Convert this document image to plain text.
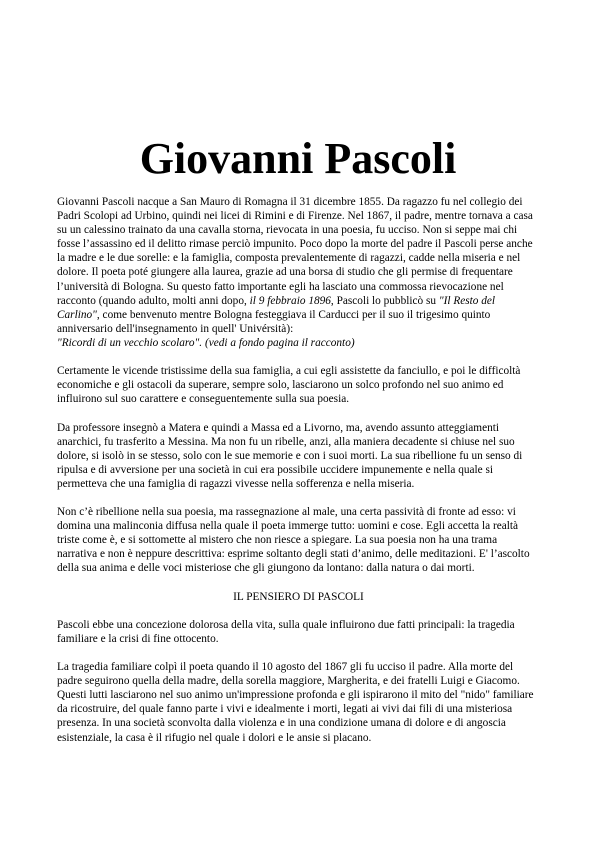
Giovanni Pascoli

Giovanni Pascoli nacque a San Mauro di Romagna il 31 dicembre 1855. Da ragazzo fu nel collegio dei Padri Scolopi ad Urbino, quindi nei licei di Rimini e di Firenze. Nel 1867, il padre, mentre tornava a casa su un calessino trainato da una cavalla storna, rievocata in una poesia, fu ucciso. Non si seppe mai chi fosse l’assassino ed il delitto rimase perciò impunito. Poco dopo la morte del padre il Pascoli perse anche la madre e le due sorelle: e la famiglia, composta prevalentemente di ragazzi, cadde nella miseria e nel dolore. Il poeta poté giungere alla laurea, grazie ad una borsa di studio che gli permise di frequentare l’università di Bologna. Su questo fatto importante egli ha lasciato una commossa rievocazione nel racconto (quando adulto, molti anni dopo, il 9 febbraio 1896, Pascoli lo pubblicò su "Il Resto del Carlino", come benvenuto mentre Bologna festeggiava il Carducci per il suo il trigesimo quinto anniversario dell'insegnamento in quell' Univérsità):
"Ricordi di un vecchio scolaro". (vedi a fondo pagina il racconto)

Certamente le vicende tristissime della sua famiglia, a cui egli assistette da fanciullo, e poi le difficoltà economiche e gli ostacoli da superare, sempre solo, lasciarono un solco profondo nel suo animo ed influirono sul suo carattere e conseguentemente sulla sua poesia.

Da professore insegnò a Matera e quindi a Massa ed a Livorno, ma, avendo assunto atteggiamenti anarchici, fu trasferito a Messina. Ma non fu un ribelle, anzi, alla maniera decadente si chiuse nel suo dolore, si isolò in se stesso, solo con le sue memorie e con i suoi morti. La sua ribellione fu un senso di ripulsa e di avversione per una società in cui era possibile uccidere impunemente e nella quale si permetteva che una famiglia di ragazzi vivesse nella sofferenza e nella miseria.

Non c’è ribellione nella sua poesia, ma rassegnazione al male, una certa passività di fronte ad esso: vi domina una malinconia diffusa nella quale il poeta immerge tutto: uomini e cose. Egli accetta la realtà triste come è, e si sottomette al mistero che non riesce a spiegare. La sua poesia non ha una trama narrativa e non è neppure descrittiva: esprime soltanto degli stati d’animo, delle meditazioni. E' l’ascolto della sua anima e delle voci misteriose che gli giungono da lontano: dalla natura o dai morti.

IL PENSIERO DI PASCOLI

Pascoli ebbe una concezione dolorosa della vita, sulla quale influirono due fatti principali: la tragedia familiare e la crisi di fine ottocento.

La tragedia familiare colpì il poeta quando il 10 agosto del 1867 gli fu ucciso il padre. Alla morte del padre seguirono quella della madre, della sorella maggiore, Margherita, e dei fratelli Luigi e Giacomo. Questi lutti lasciarono nel suo animo un'impressione profonda e gli ispirarono il mito del "nido" familiare da ricostruire, del quale fanno parte i vivi e idealmente i morti, legati ai vivi dai fili di una misteriosa presenza. In una società sconvolta dalla violenza e in una condizione umana di dolore e di angoscia esistenziale, la casa è il rifugio nel quale i dolori e le ansie si placano.
